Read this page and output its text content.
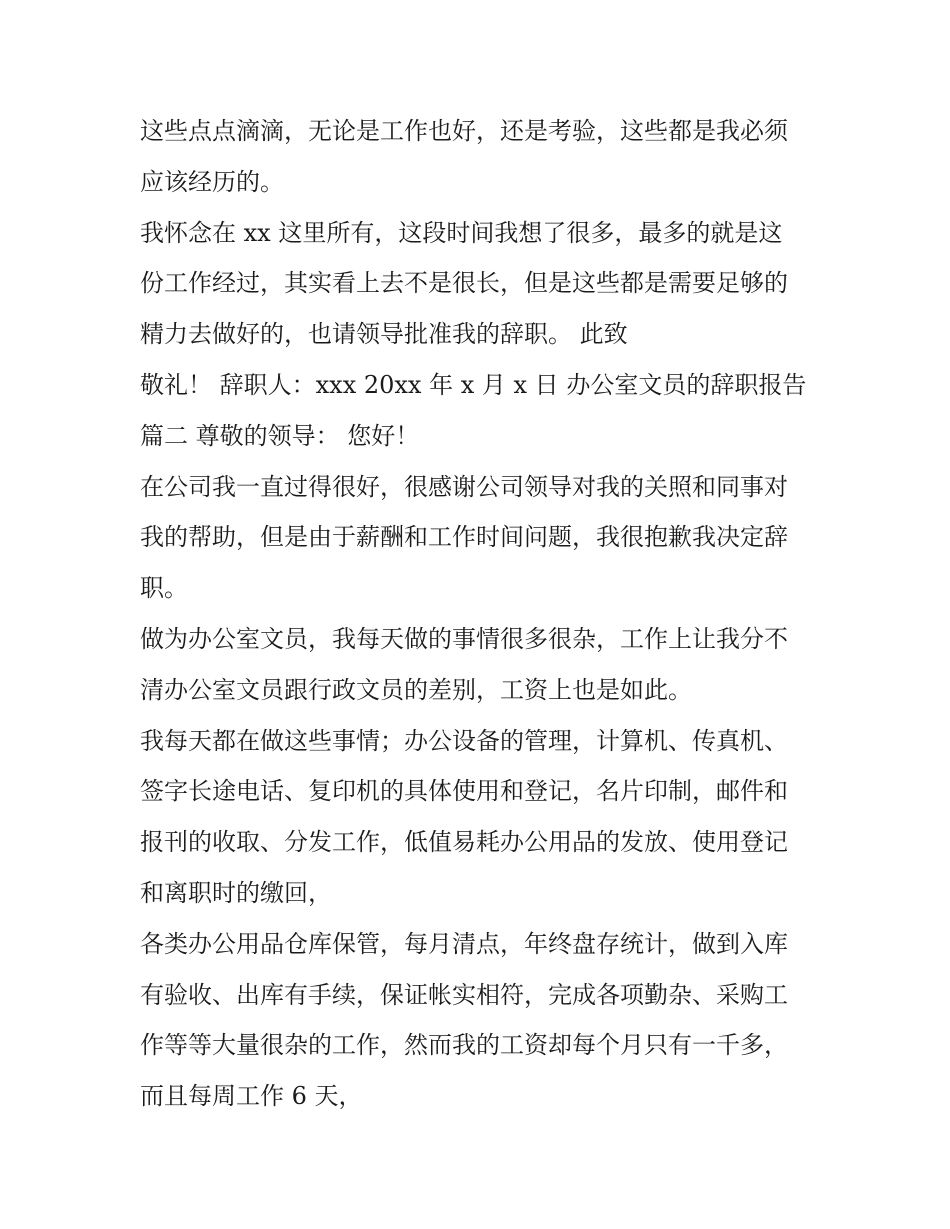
这些点点滴滴，无论是工作也好，还是考验，这些都是我必须
应该经历的。
我怀念在 xx 这里所有，这段时间我想了很多，最多的就是这
份工作经过，其实看上去不是很长，但是这些都是需要足够的
精力去做好的，也请领导批准我的辞职。 此致
敬礼！ 辞职人：xxx 20xx 年 x 月 x 日 办公室文员的辞职报告
篇二 尊敬的领导： 您好！
在公司我一直过得很好，很感谢公司领导对我的关照和同事对
我的帮助，但是由于薪酬和工作时间问题，我很抱歉我决定辞
职。
做为办公室文员，我每天做的事情很多很杂，工作上让我分不
清办公室文员跟行政文员的差别，工资上也是如此。
我每天都在做这些事情；办公设备的管理，计算机、传真机、
签字长途电话、复印机的具体使用和登记，名片印制，邮件和
报刊的收取、分发工作，低值易耗办公用品的发放、使用登记
和离职时的缴回，
各类办公用品仓库保管，每月清点，年终盘存统计，做到入库
有验收、出库有手续，保证帐实相符，完成各项勤杂、采购工
作等等大量很杂的工作，然而我的工资却每个月只有一千多，
而且每周工作 6 天，
